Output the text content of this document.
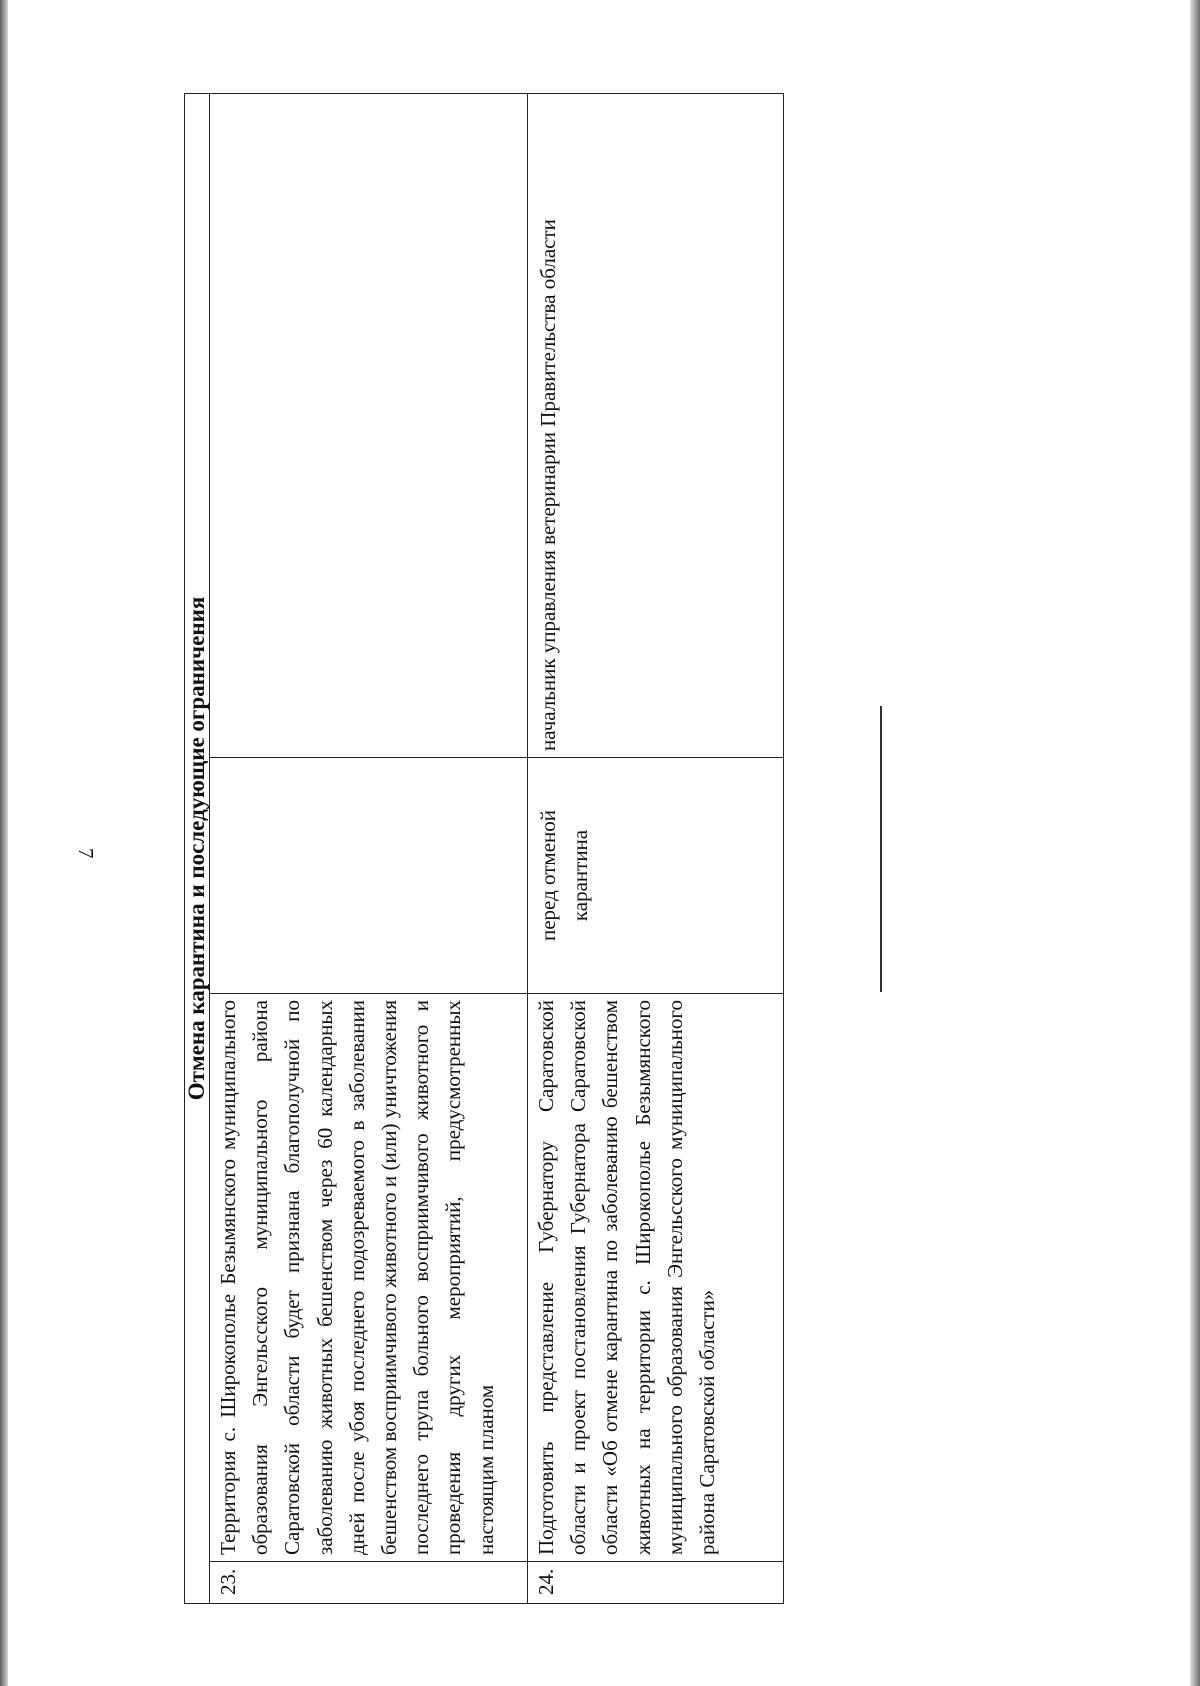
7	Отмена карантина и последующие ограничения			
23.	Территория с. Широкополье Безымянского муниципального образования Энгельсского муниципального района Саратовской области будет признана благополучной по заболеванию животных бешенством через 60 календарных дней после убоя последнего подозреваемого в заболевании бешенством восприимчивого животного и (или) уничтожения последнего трупа больного восприимчивого животного и проведения других мероприятий, предусмотренных настоящим планом		
24.	Подготовить представление Губернатору Саратовской области и проект постановления Губернатора Саратовской области «Об отмене карантина по заболеванию бешенством животных на территории с. Широкополье Безымянского муниципального образования Энгельсского муниципального района Саратовской области»	перед отменой карантина	начальник управления ветеринарии Правительства области
